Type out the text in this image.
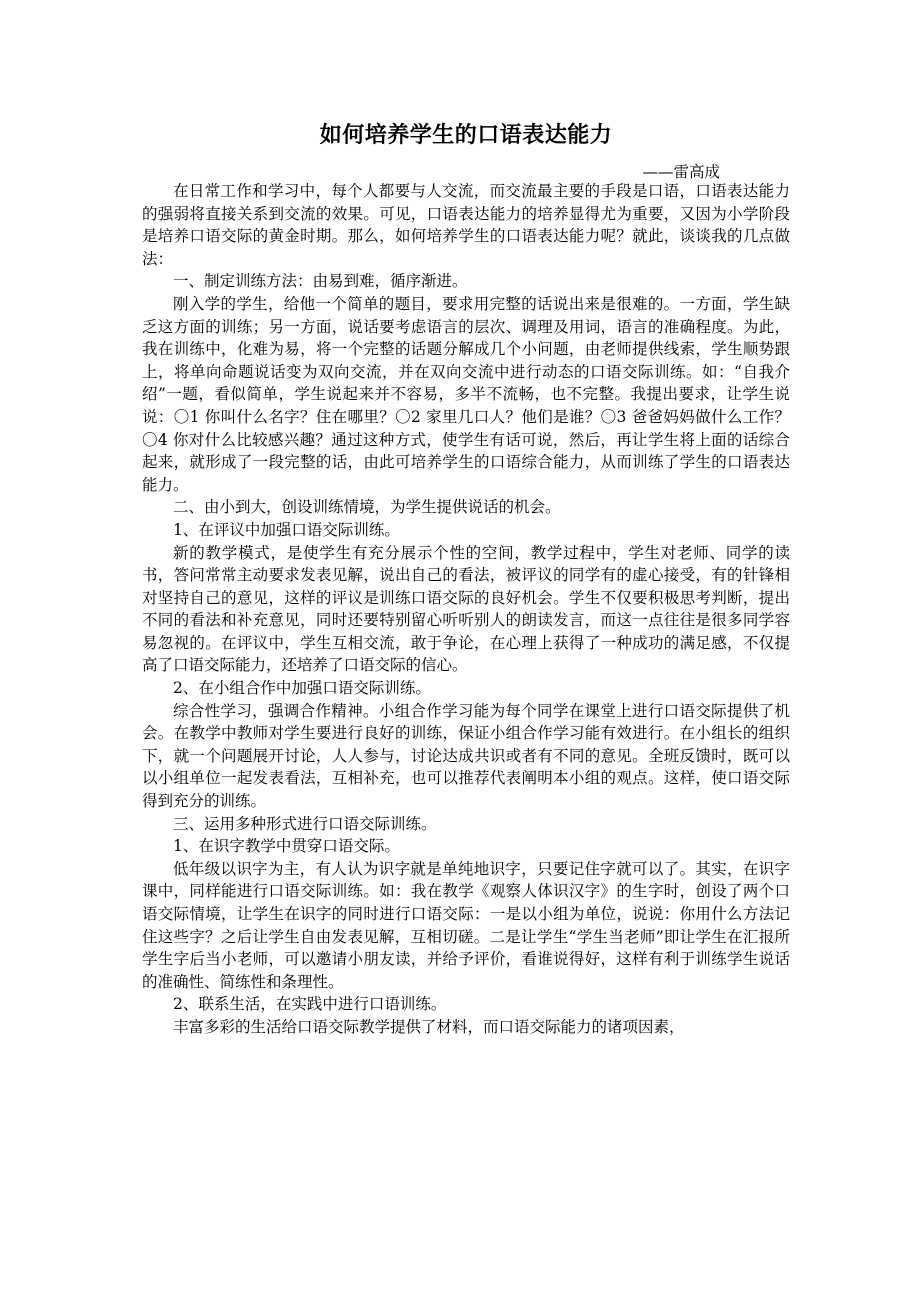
如何培养学生的口语表达能力
——雷高成

在日常工作和学习中，每个人都要与人交流，而交流最主要的手段是口语，口语表达能力的强弱将直接关系到交流的效果。可见，口语表达能力的培养显得尤为重要，又因为小学阶段是培养口语交际的黄金时期。那么，如何培养学生的口语表达能力呢？就此，谈谈我的几点做法：

一、制定训练方法：由易到难，循序渐进。

刚入学的学生，给他一个简单的题目，要求用完整的话说出来是很难的。一方面，学生缺乏这方面的训练；另一方面，说话要考虑语言的层次、调理及用词，语言的准确程度。为此，我在训练中，化难为易，将一个完整的话题分解成几个小问题，由老师提供线索，学生顺势跟上，将单向命题说话变为双向交流，并在双向交流中进行动态的口语交际训练。如：“自我介绍”一题，看似简单，学生说起来并不容易，多半不流畅，也不完整。我提出要求，让学生说说：〇1 你叫什么名字？住在哪里？〇2 家里几口人？他们是谁？〇3 爸爸妈妈做什么工作？〇4 你对什么比较感兴趣？通过这种方式，使学生有话可说，然后，再让学生将上面的话综合起来，就形成了一段完整的话，由此可培养学生的口语综合能力，从而训练了学生的口语表达能力。

二、由小到大，创设训练情境，为学生提供说话的机会。

1、在评议中加强口语交际训练。

新的教学模式，是使学生有充分展示个性的空间，教学过程中，学生对老师、同学的读书，答问常常主动要求发表见解，说出自己的看法，被评议的同学有的虚心接受，有的针锋相对坚持自己的意见，这样的评议是训练口语交际的良好机会。学生不仅要积极思考判断，提出不同的看法和补充意见，同时还要特别留心听听别人的朗读发言，而这一点往往是很多同学容易忽视的。在评议中，学生互相交流，敢于争论，在心理上获得了一种成功的满足感，不仅提高了口语交际能力，还培养了口语交际的信心。

2、在小组合作中加强口语交际训练。

综合性学习，强调合作精神。小组合作学习能为每个同学在课堂上进行口语交际提供了机会。在教学中教师对学生要进行良好的训练，保证小组合作学习能有效进行。在小组长的组织下，就一个问题展开讨论，人人参与，讨论达成共识或者有不同的意见。全班反馈时，既可以以小组单位一起发表看法，互相补充，也可以推荐代表阐明本小组的观点。这样，使口语交际得到充分的训练。

三、运用多种形式进行口语交际训练。

1、在识字教学中贯穿口语交际。

低年级以识字为主，有人认为识字就是单纯地识字，只要记住字就可以了。其实，在识字课中，同样能进行口语交际训练。如：我在教学《观察人体识汉字》的生字时，创设了两个口语交际情境，让学生在识字的同时进行口语交际：一是以小组为单位，说说：你用什么方法记住这些字？之后让学生自由发表见解，互相切磋。二是让学生“学生当老师”即让学生在汇报所学生字后当小老师，可以邀请小朋友读，并给予评价，看谁说得好，这样有利于训练学生说话的准确性、简练性和条理性。

2、联系生活，在实践中进行口语训练。

丰富多彩的生活给口语交际教学提供了材料，而口语交际能力的诸项因素，
